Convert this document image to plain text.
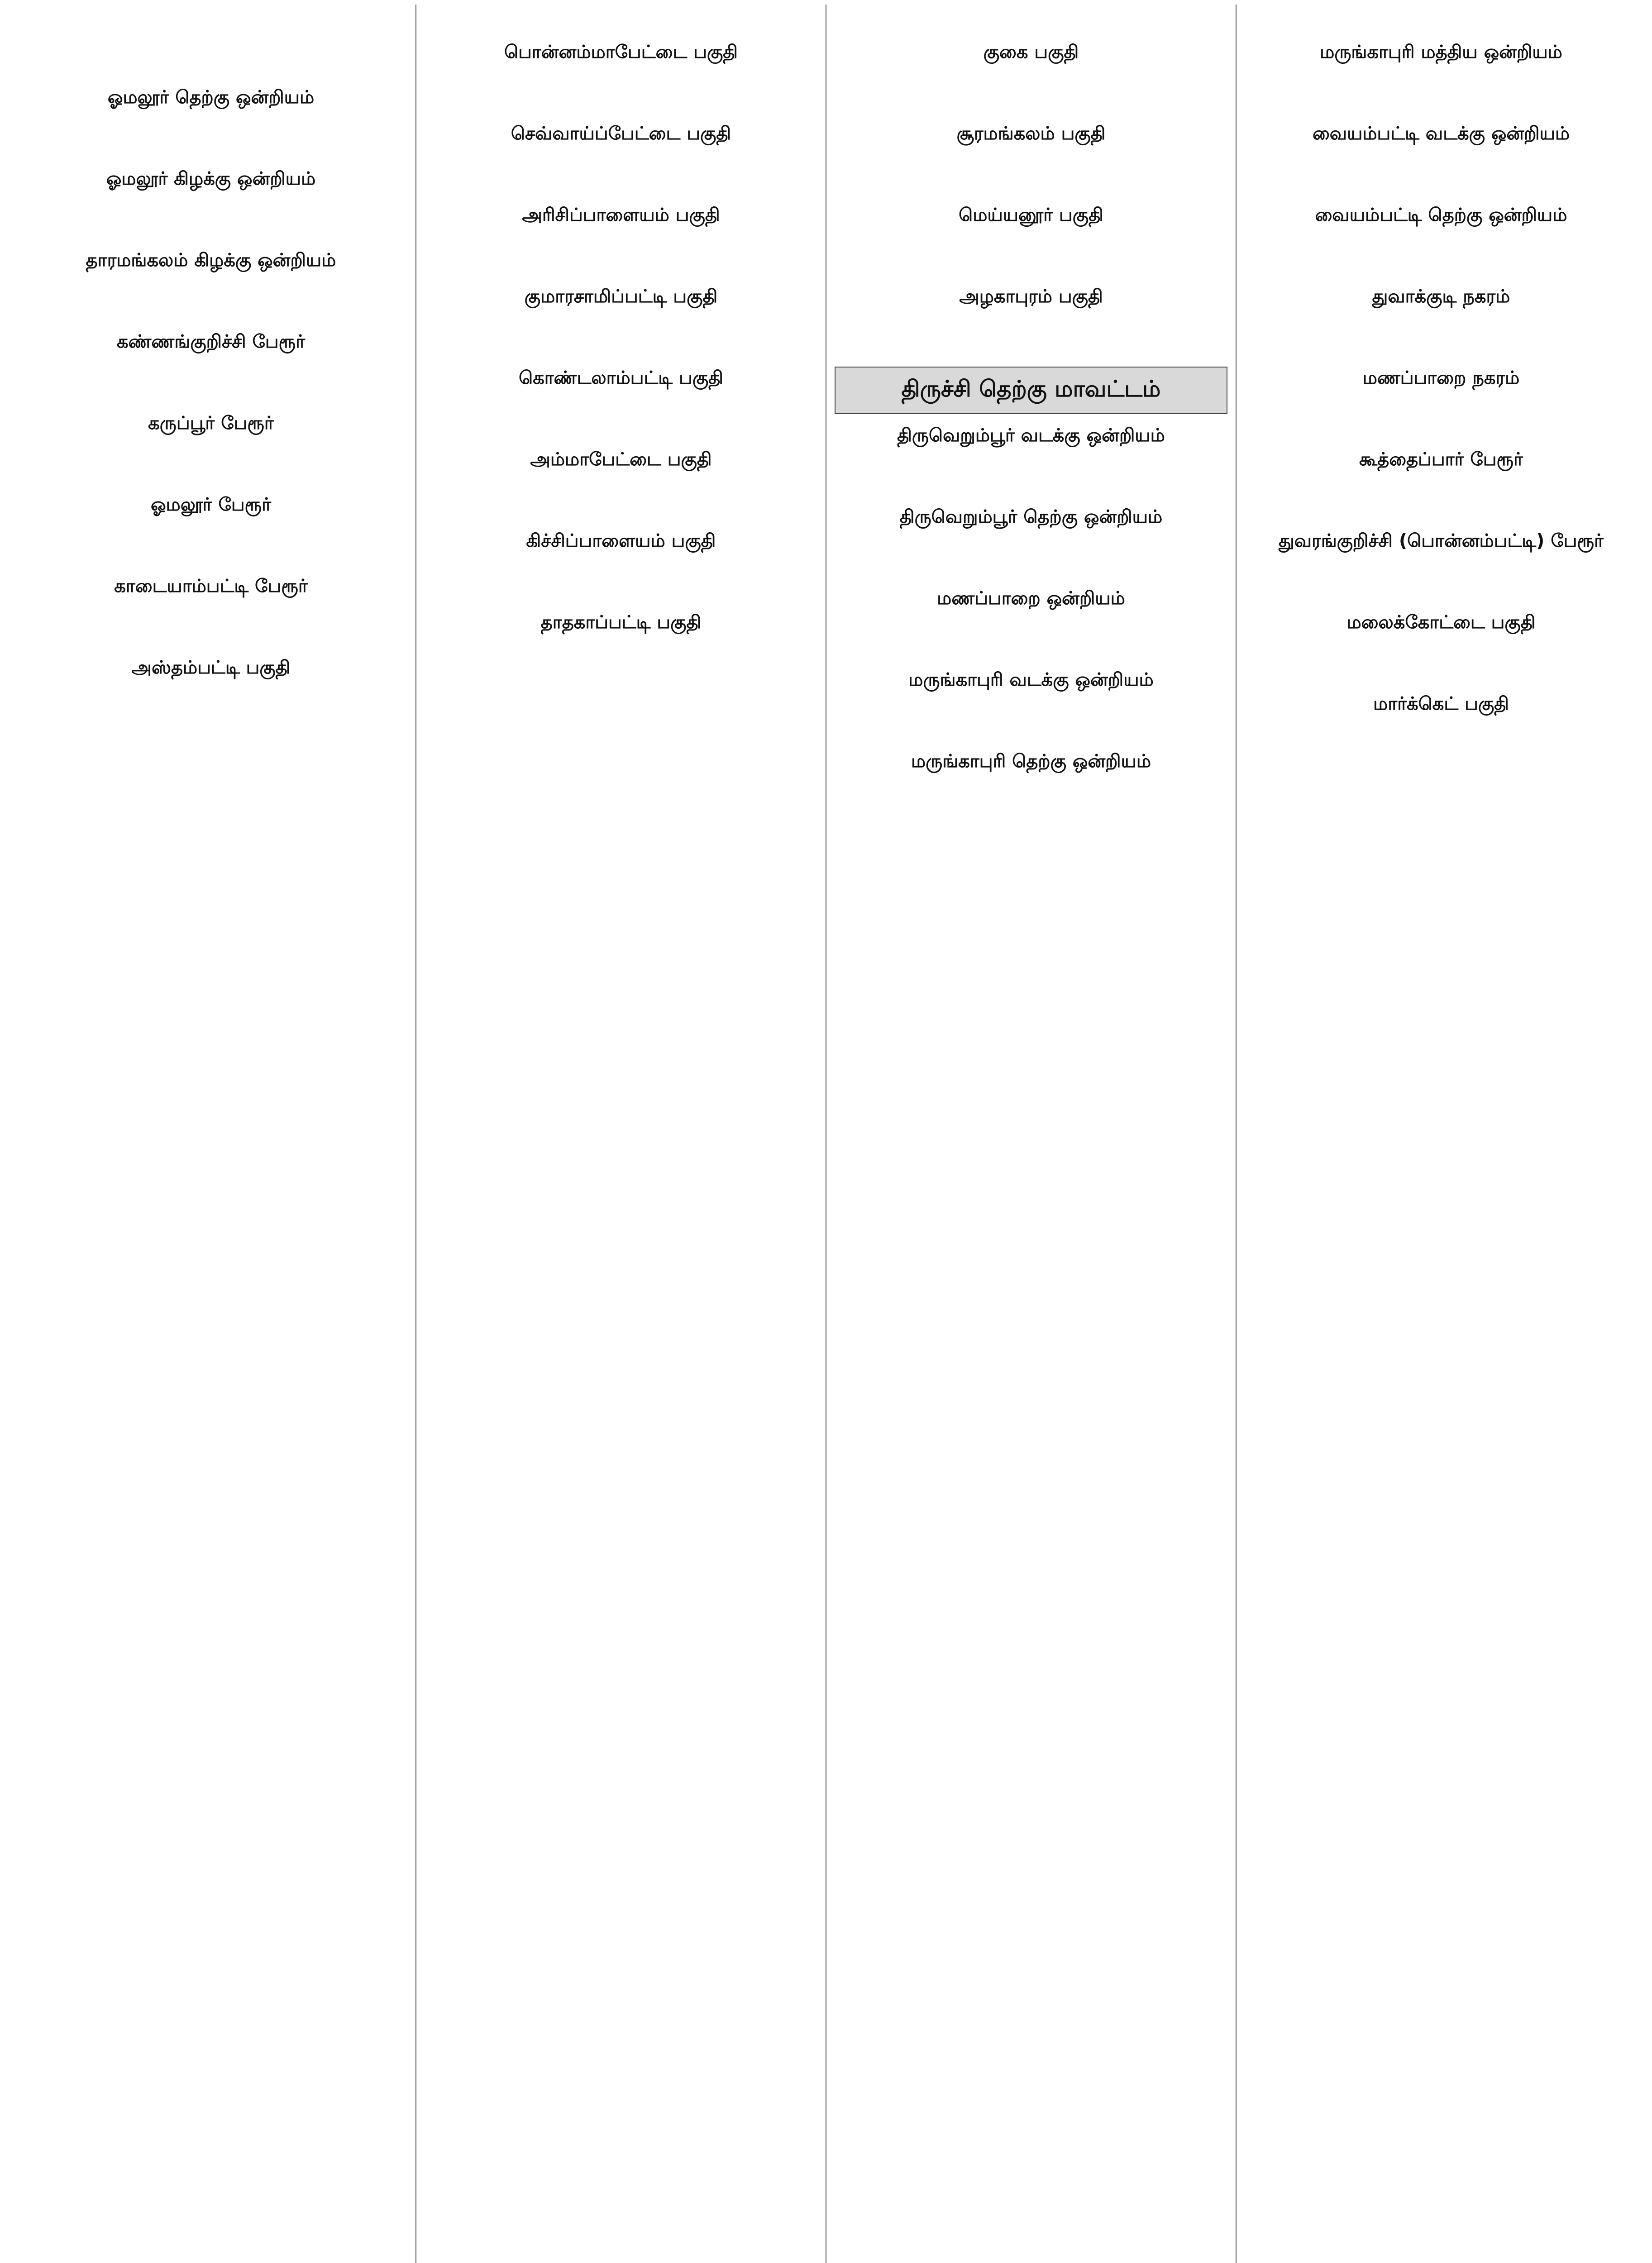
ஓமலூர் தெற்கு ஒன்றியம்

ஓமலூர் கிழக்கு ஒன்றியம்

தாரமங்கலம் கிழக்கு ஒன்றியம்

கண்ணங்குறிச்சி பேரூர்

கருப்பூர் பேரூர்

ஓமலூர் பேரூர்

காடையாம்பட்டி பேரூர்

அஸ்தம்பட்டி பகுதி

பொன்னம்மாபேட்டை பகுதி

செவ்வாய்ப்பேட்டை பகுதி

அரிசிப்பாளையம் பகுதி

குமாரசாமிப்பட்டி பகுதி

கொண்டலாம்பட்டி பகுதி

அம்மாபேட்டை பகுதி

கிச்சிப்பாளையம் பகுதி

தாதகாப்பட்டி பகுதி

குகை பகுதி

சூரமங்கலம் பகுதி

மெய்யனூர் பகுதி

அழகாபுரம் பகுதி

திருச்சி தெற்கு மாவட்டம்
திருவெறும்பூர் வடக்கு ஒன்றியம்

திருவெறும்பூர் தெற்கு ஒன்றியம்

மணப்பாறை ஒன்றியம்

மருங்காபுரி வடக்கு ஒன்றியம்

மருங்காபுரி தெற்கு ஒன்றியம்

மருங்காபுரி மத்திய ஒன்றியம்

வையம்பட்டி வடக்கு ஒன்றியம்

வையம்பட்டி தெற்கு ஒன்றியம்

துவாக்குடி நகரம்

மணப்பாறை நகரம்

கூத்தைப்பார் பேரூர்

துவரங்குறிச்சி (பொன்னம்பட்டி) பேரூர்

மலைக்கோட்டை பகுதி

மார்க்கெட் பகுதி
